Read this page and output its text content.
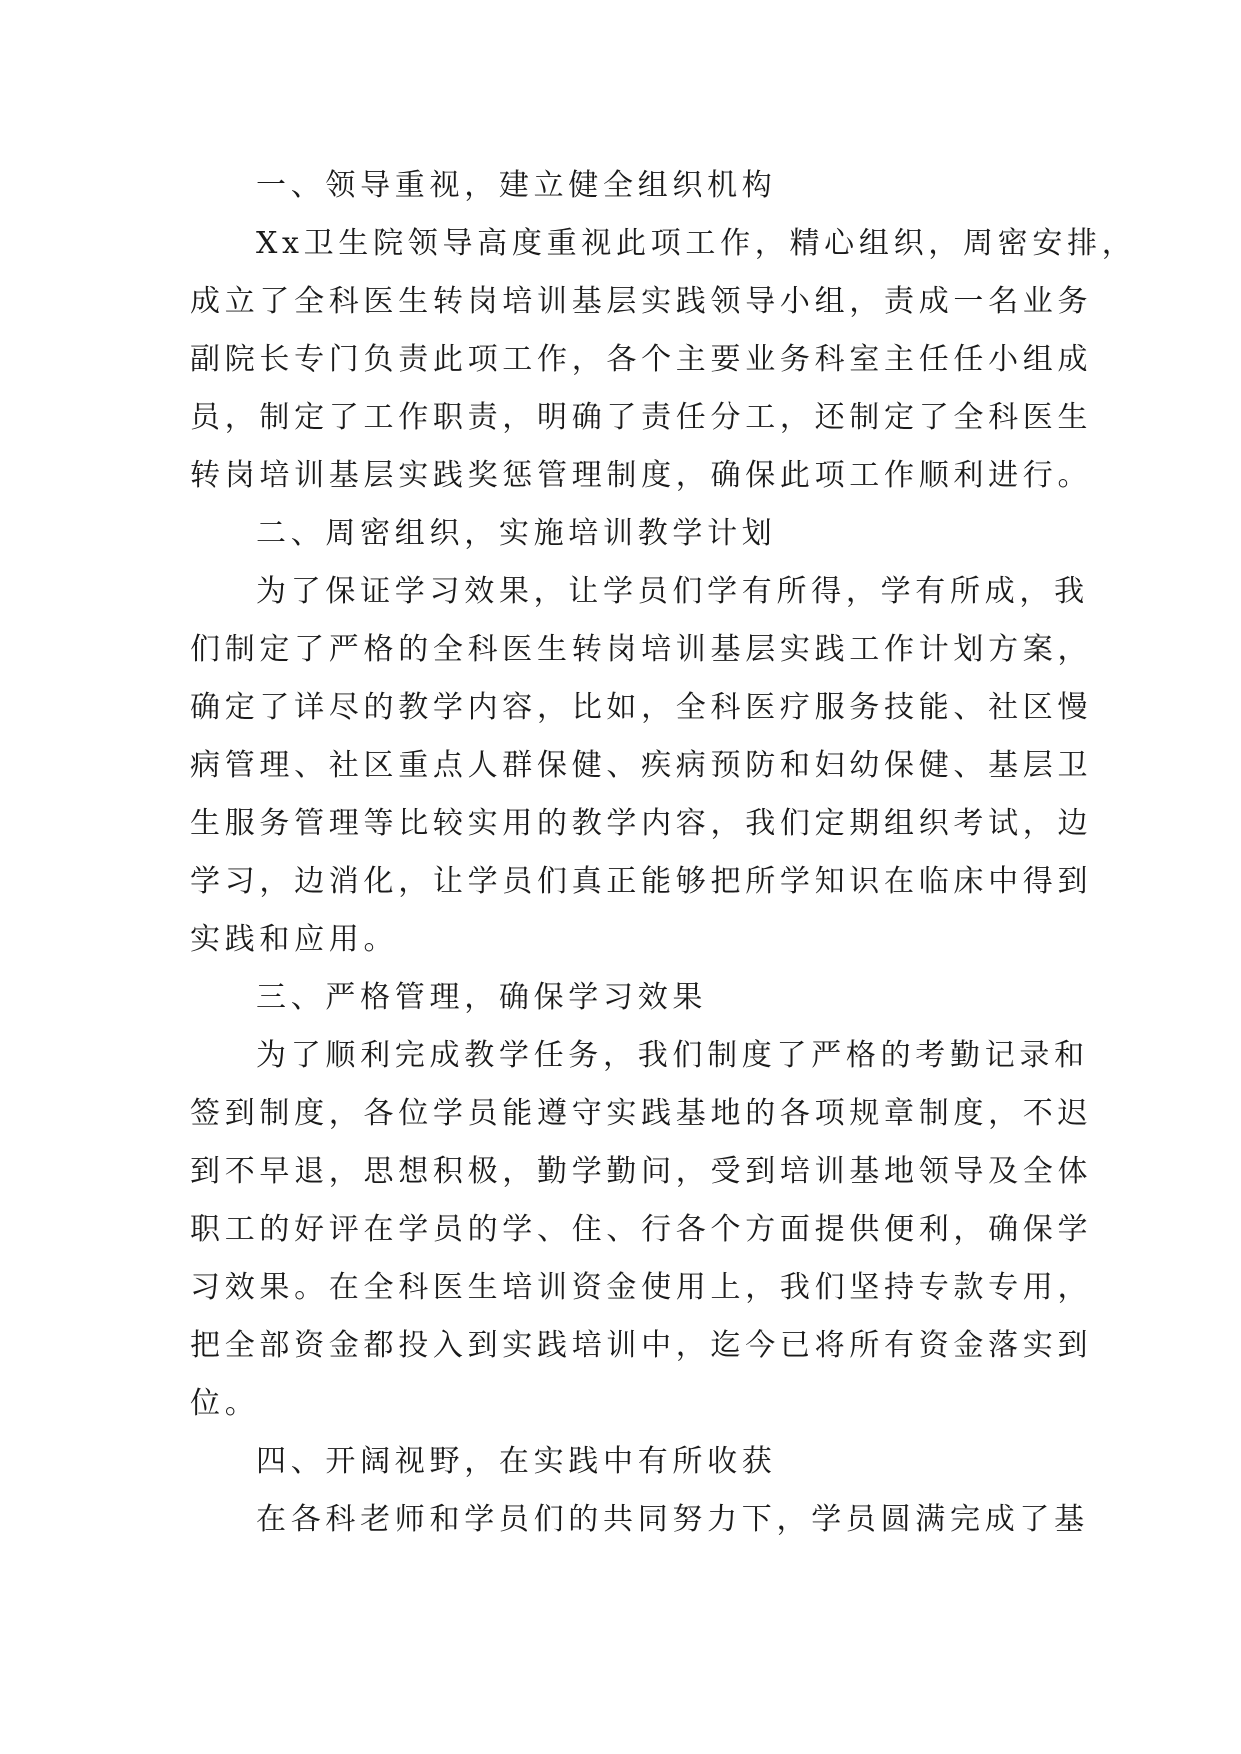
一、领导重视，建立健全组织机构
Xx卫生院领导高度重视此项工作，精心组织，周密安排，
成立了全科医生转岗培训基层实践领导小组，责成一名业务
副院长专门负责此项工作，各个主要业务科室主任任小组成
员，制定了工作职责，明确了责任分工，还制定了全科医生
转岗培训基层实践奖惩管理制度，确保此项工作顺利进行。
二、周密组织，实施培训教学计划
为了保证学习效果，让学员们学有所得，学有所成，我
们制定了严格的全科医生转岗培训基层实践工作计划方案，
确定了详尽的教学内容，比如，全科医疗服务技能、社区慢
病管理、社区重点人群保健、疾病预防和妇幼保健、基层卫
生服务管理等比较实用的教学内容，我们定期组织考试，边
学习，边消化，让学员们真正能够把所学知识在临床中得到
实践和应用。
三、严格管理，确保学习效果
为了顺利完成教学任务，我们制度了严格的考勤记录和
签到制度，各位学员能遵守实践基地的各项规章制度，不迟
到不早退，思想积极，勤学勤问，受到培训基地领导及全体
职工的好评在学员的学、住、行各个方面提供便利，确保学
习效果。在全科医生培训资金使用上，我们坚持专款专用，
把全部资金都投入到实践培训中，迄今已将所有资金落实到
位。
四、开阔视野，在实践中有所收获
在各科老师和学员们的共同努力下，学员圆满完成了基
